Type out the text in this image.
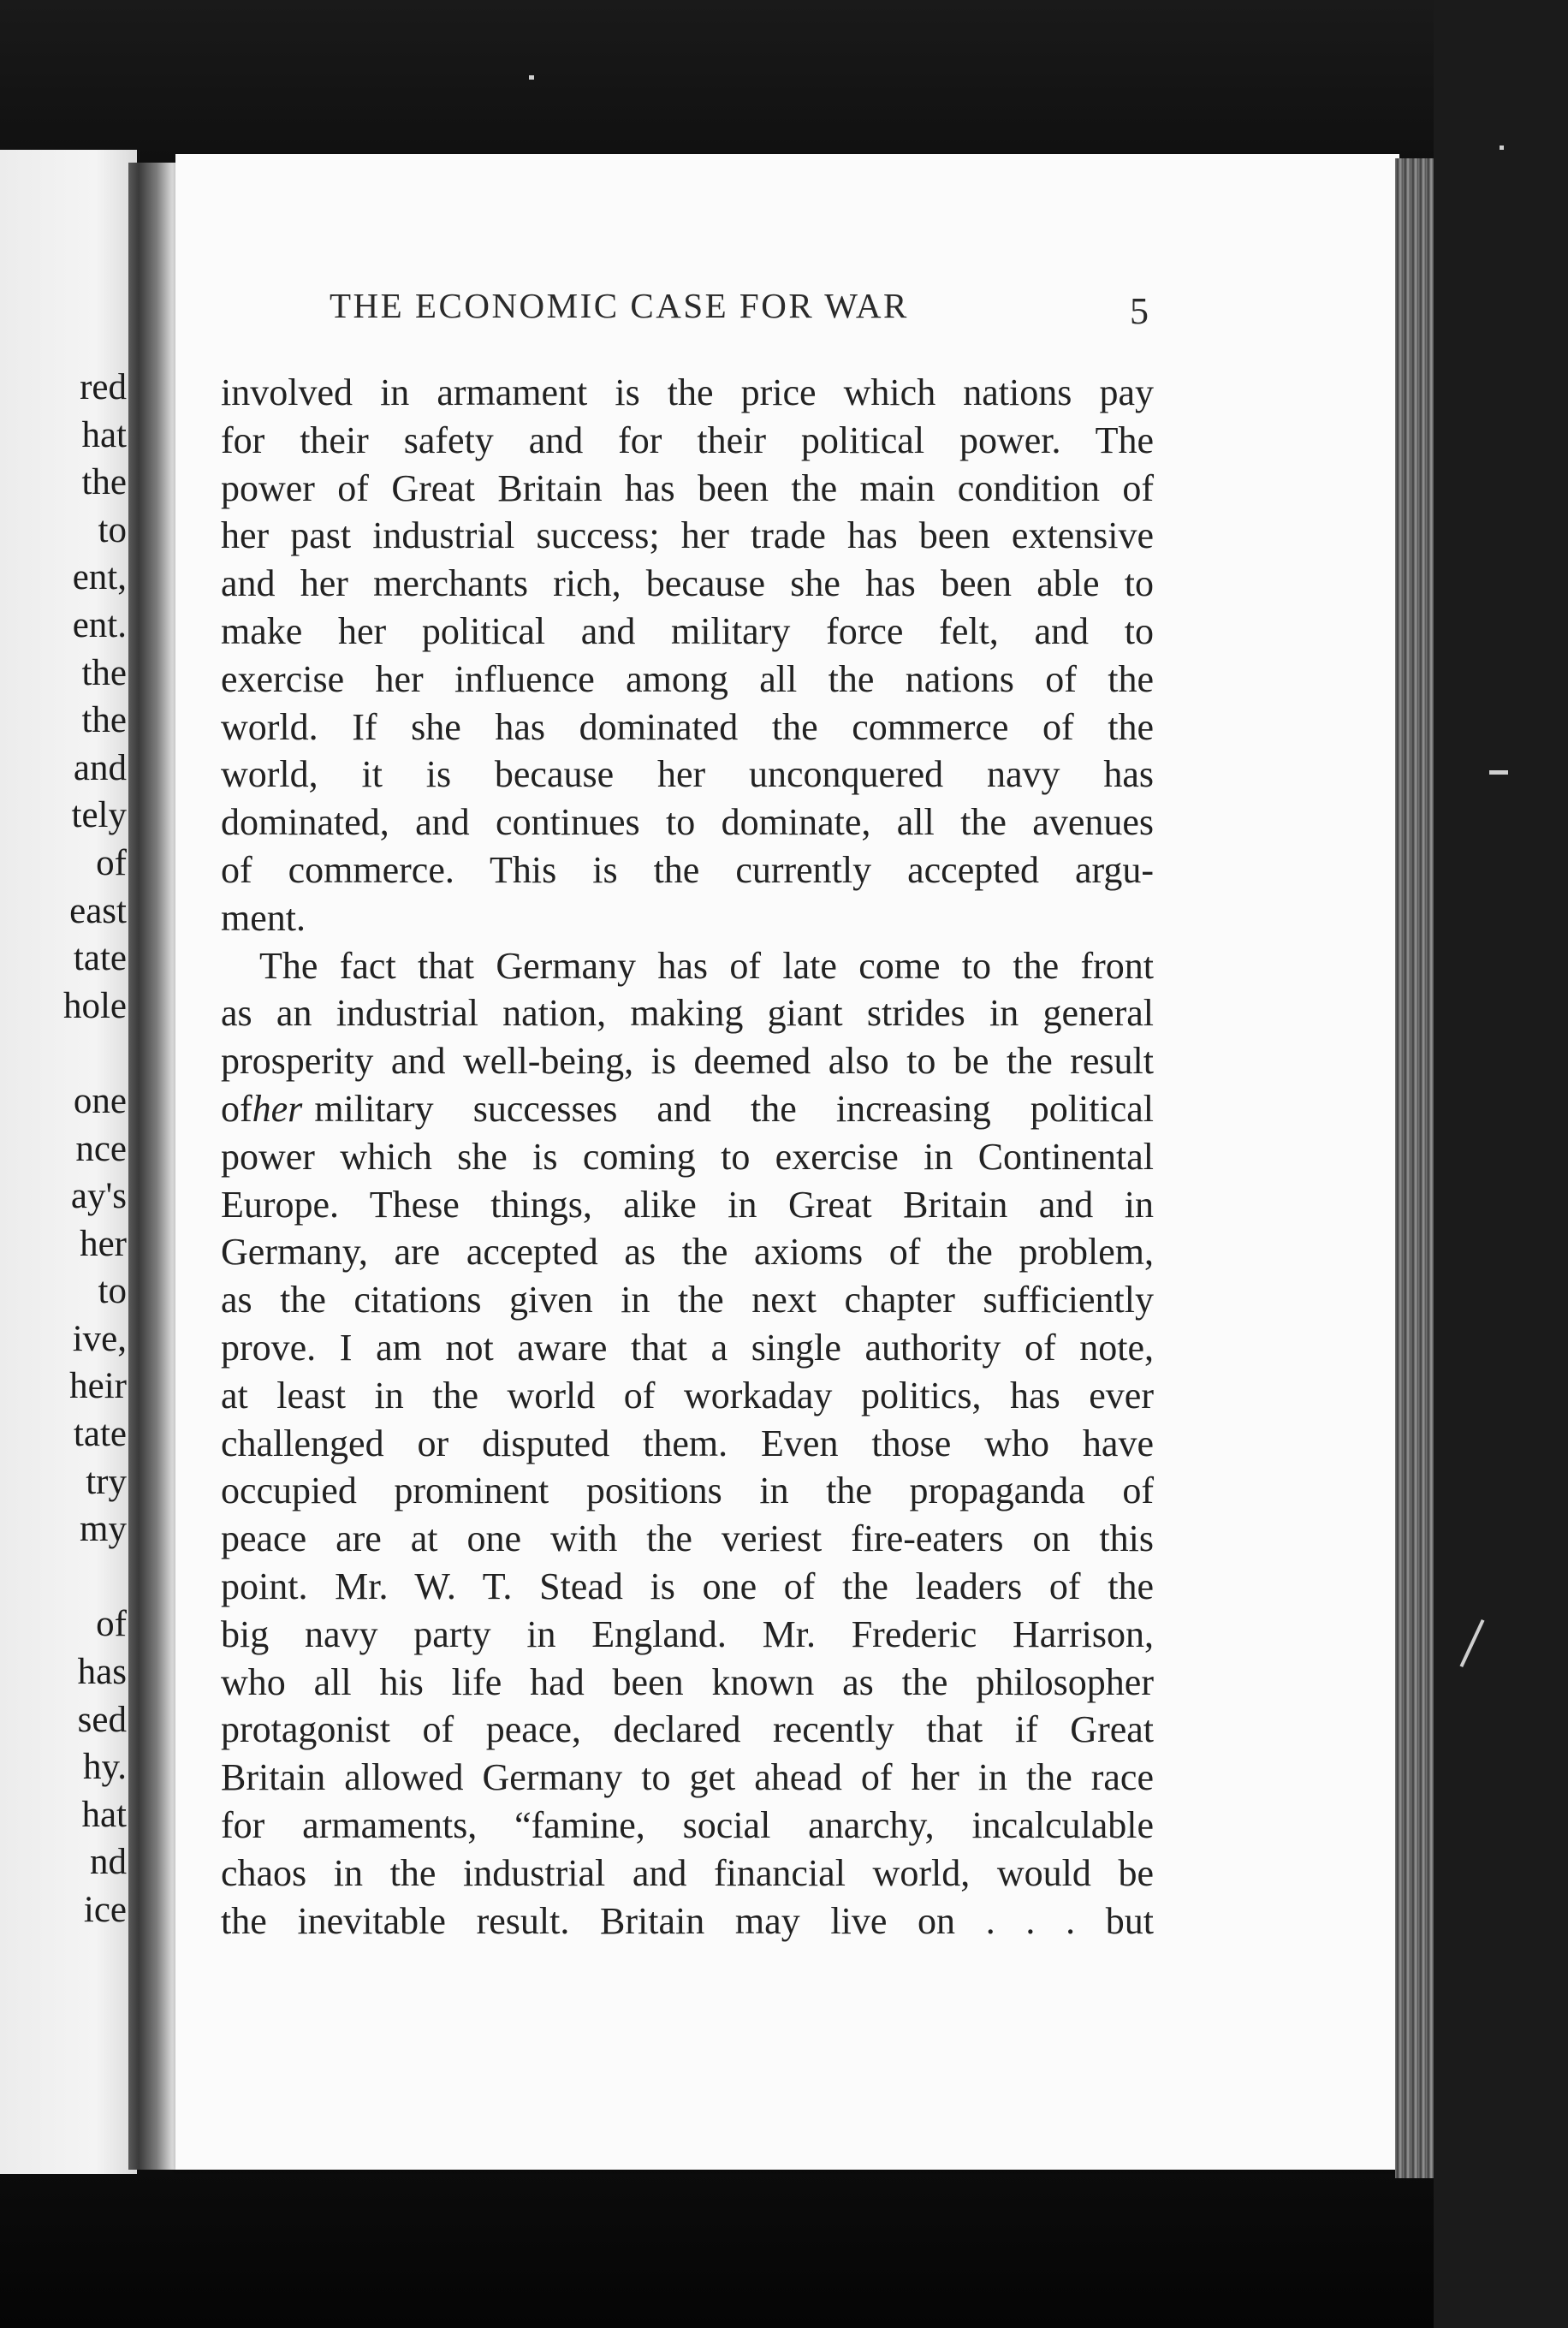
red
hat
the
to
ent,
ent.
the
the
and
tely
of
east
tate
hole
one
nce
ay's
her
to
ive,
heir
tate
try
my
of
has
sed
hy.
hat
nd
ice
THE ECONOMIC CASE FOR WAR	5
involved in armament is the price which nations pay
for their safety and for their political power. The
power of Great Britain has been the main condition of
her past industrial success; her trade has been extensive
and her merchants rich, because she has been able to
make her political and military force felt, and to
exercise her influence among all the nations of the
world. If she has dominated the commerce of the
world, it is because her unconquered navy has
dominated, and continues to dominate, all the avenues
of commerce. This is the currently accepted argu-
ment.
The fact that Germany has of late come to the front
as an industrial nation, making giant strides in general
prosperity and well-being, is deemed also to be the result
of her military successes and the increasing political
power which she is coming to exercise in Continental
Europe. These things, alike in Great Britain and in
Germany, are accepted as the axioms of the problem,
as the citations given in the next chapter sufficiently
prove. I am not aware that a single authority of note,
at least in the world of workaday politics, has ever
challenged or disputed them. Even those who have
occupied prominent positions in the propaganda of
peace are at one with the veriest fire-eaters on this
point. Mr. W. T. Stead is one of the leaders of the
big navy party in England. Mr. Frederic Harrison,
who all his life had been known as the philosopher
protagonist of peace, declared recently that if Great
Britain allowed Germany to get ahead of her in the race
for armaments, “famine, social anarchy, incalculable
chaos in the industrial and financial world, would be
the inevitable result. Britain may live on . . . but
